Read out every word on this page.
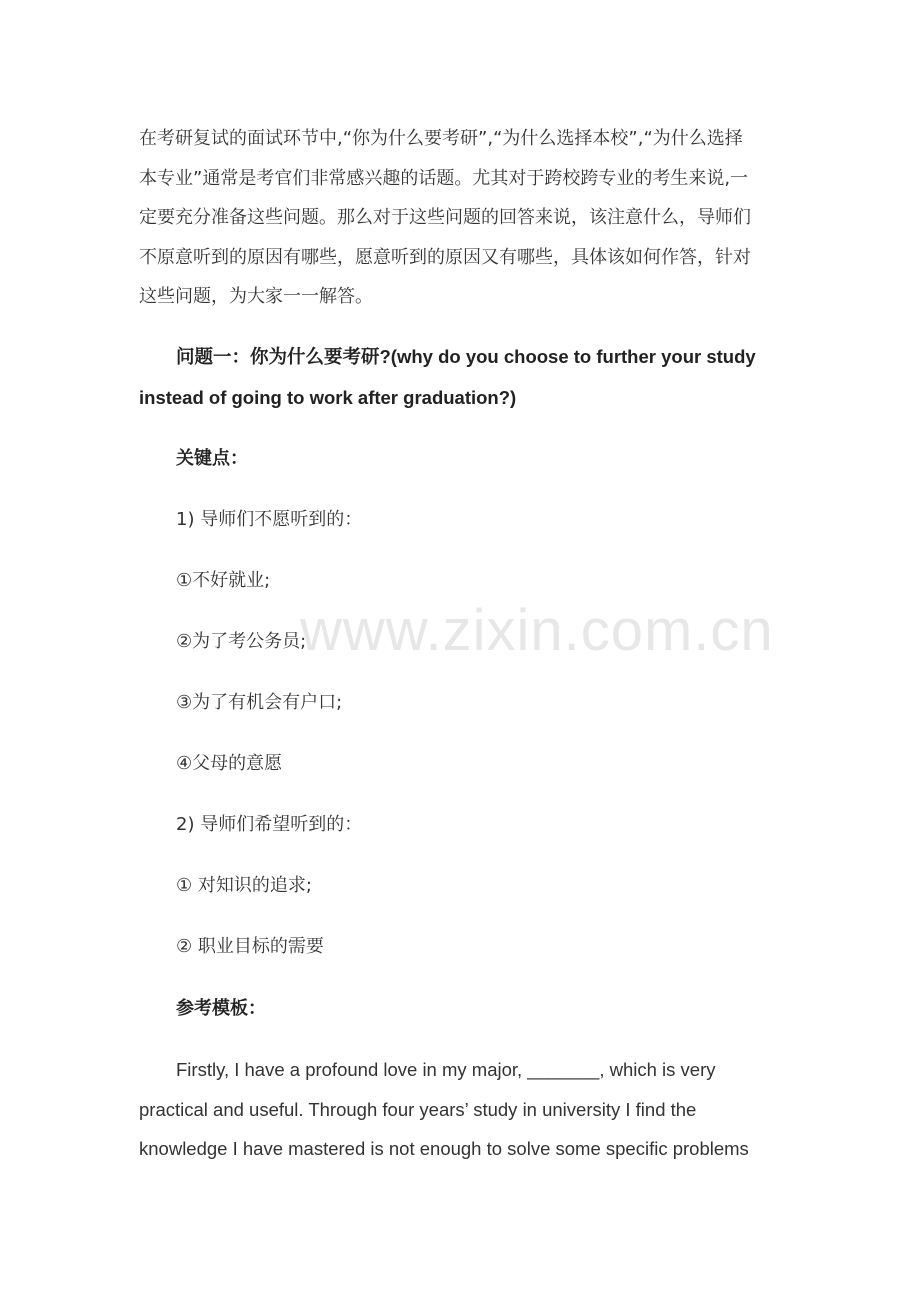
在考研复试的面试环节中,“你为什么要考研”,“为什么选择本校”,“为什么选择
本专业”通常是考官们非常感兴趣的话题。尤其对于跨校跨专业的考生来说,一
定要充分准备这些问题。那么对于这些问题的回答来说，该注意什么，导师们
不原意听到的原因有哪些，愿意听到的原因又有哪些，具体该如何作答，针对
这些问题，为大家一一解答。
问题一：你为什么要考研?(why do you choose to further your study
instead of going to work after graduation?)
关键点：
1) 导师们不愿听到的：
①不好就业;
②为了考公务员;
③为了有机会有户口;
④父母的意愿
2) 导师们希望听到的：
① 对知识的追求;
② 职业目标的需要
参考模板：
Firstly, I have a profound love in my major, _______, which is very
practical and useful. Through four years’ study in university I find the
knowledge I have mastered is not enough to solve some specific problems
www.zixin.com.cn
